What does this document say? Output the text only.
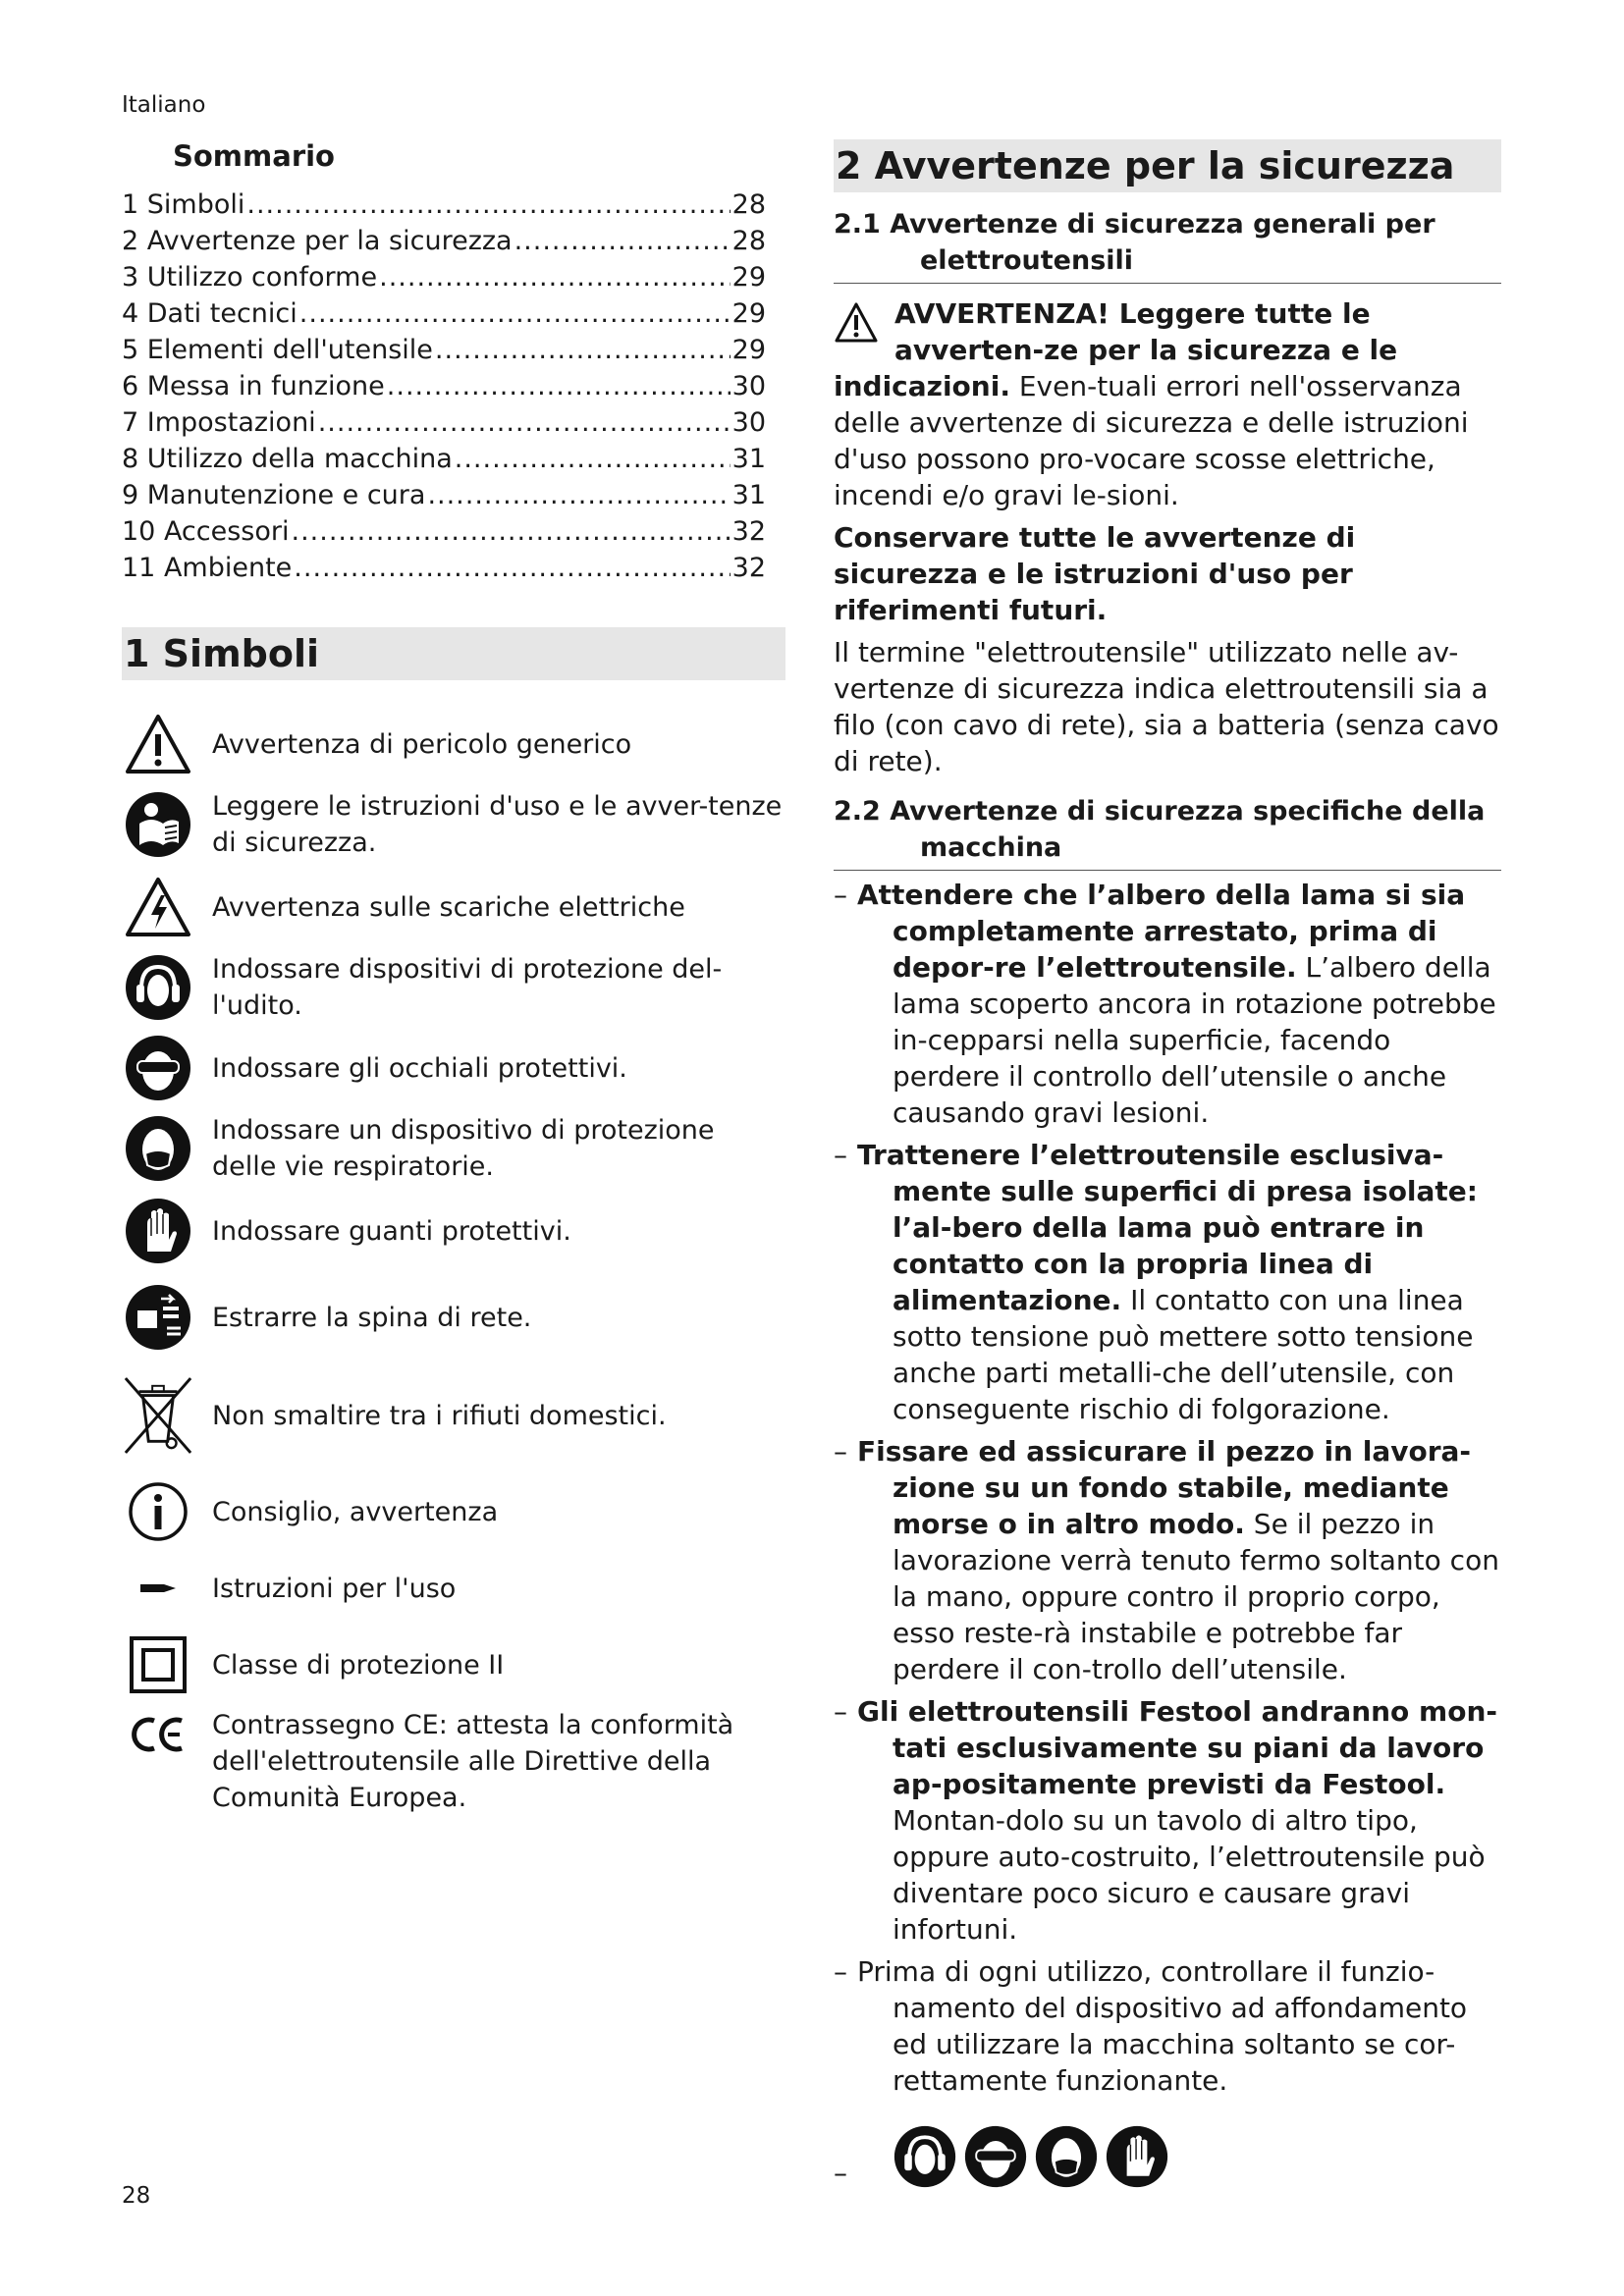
Italiano
Sommario
1 Simboli .....	28
2 Avvertenze per la sicurezza .....	28
3 Utilizzo conforme .....	29
4 Dati tecnici .....	29
5 Elementi dell'utensile .....	29
6 Messa in funzione .....	30
7 Impostazioni .....	30
8 Utilizzo della macchina .....	31
9 Manutenzione e cura .....	31
10 Accessori .....	32
11 Ambiente .....	32
1 Simboli
Avvertenza di pericolo generico
Leggere le istruzioni d'uso e le avver-tenze di sicurezza.
Avvertenza sulle scariche elettriche
Indossare dispositivi di protezione del-l'udito.
Indossare gli occhiali protettivi.
Indossare un dispositivo di protezione delle vie respiratorie.
Indossare guanti protettivi.
Estrarre la spina di rete.
Non smaltire tra i rifiuti domestici.
Consiglio, avvertenza
Istruzioni per l'uso
Classe di protezione II
Contrassegno CE: attesta la conformità dell'elettroutensile alle Direttive della Comunità Europea.
2 Avvertenze per la sicurezza
2.1 Avvertenze di sicurezza generali per
elettroutensili
AVVERTENZA! Leggere tutte le avverten-ze per la sicurezza e le indicazioni. Even-tuali errori nell'osservanza delle avvertenze di sicurezza e delle istruzioni d'uso possono pro-vocare scosse elettriche, incendi e/o gravi le-sioni.

Conservare tutte le avvertenze di sicurezza e le istruzioni d'uso per riferimenti futuri.

Il termine "elettroutensile" utilizzato nelle av-vertenze di sicurezza indica elettroutensili sia a filo (con cavo di rete), sia a batteria (senza cavo di rete).

2.2 Avvertenze di sicurezza specifiche della
macchina
– Attendere che l’albero della lama si sia completamente arrestato, prima di depor-re l’elettroutensile. L’albero della lama scoperto ancora in rotazione potrebbe in-cepparsi nella superficie, facendo perdere il controllo dell’utensile o anche causando gravi lesioni.
– Trattenere l’elettroutensile esclusiva-mente sulle superfici di presa isolate: l’al-bero della lama può entrare in contatto con la propria linea di alimentazione. Il contatto con una linea sotto tensione può mettere sotto tensione anche parti metalli-che dell’utensile, con conseguente rischio di folgorazione.
– Fissare ed assicurare il pezzo in lavora-zione su un fondo stabile, mediante morse o in altro modo. Se il pezzo in lavorazione verrà tenuto fermo soltanto con la mano, oppure contro il proprio corpo, esso reste-rà instabile e potrebbe far perdere il con-trollo dell’utensile.
– Gli elettroutensili Festool andranno mon-tati esclusivamente su piani da lavoro ap-positamente previsti da Festool. Montan-dolo su un tavolo di altro tipo, oppure auto-costruito, l’elettroutensile può diventare poco sicuro e causare gravi infortuni.
– Prima di ogni utilizzo, controllare il funzio-namento del dispositivo ad affondamento ed utilizzare la macchina soltanto se cor-rettamente funzionante.
–
28
